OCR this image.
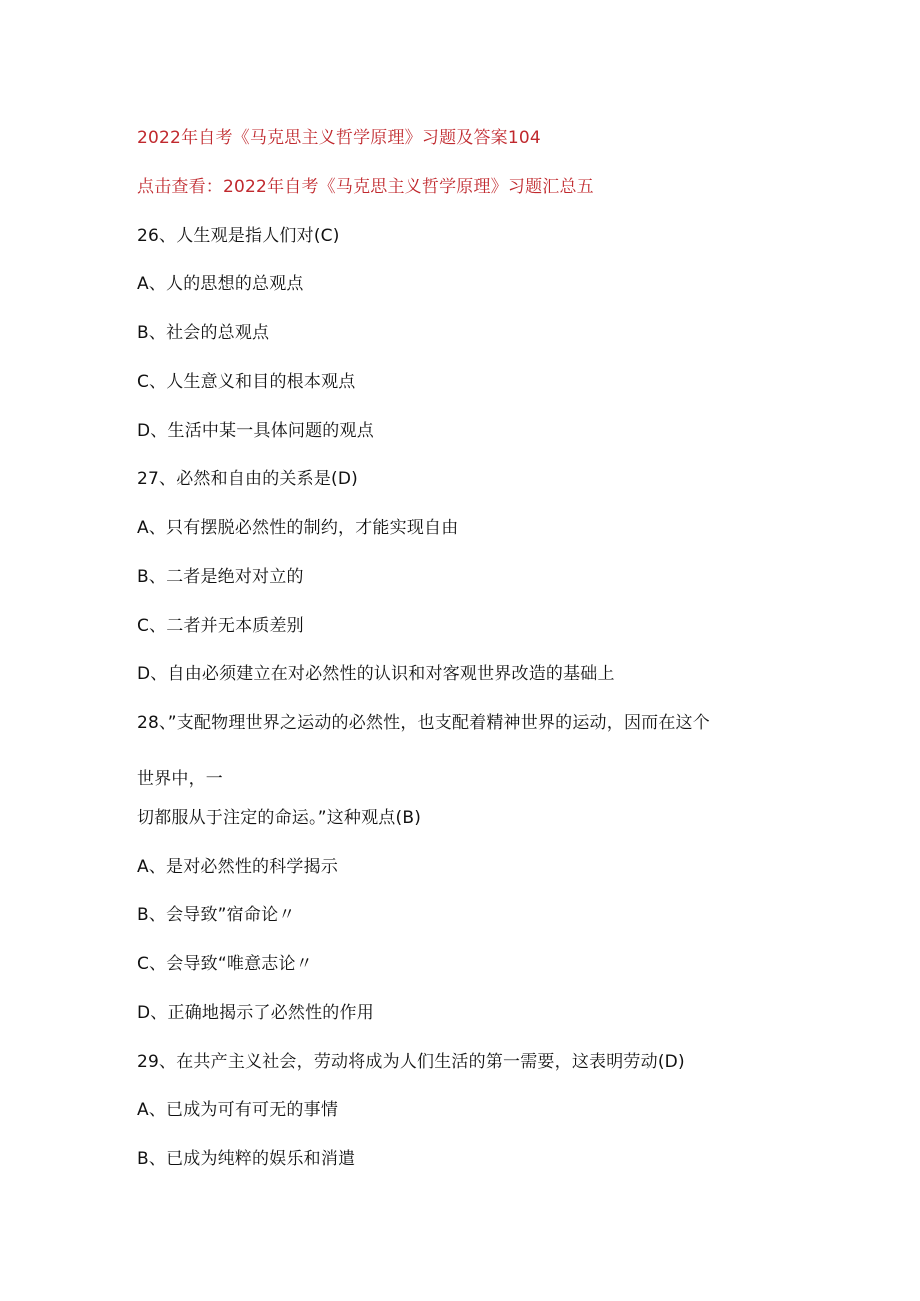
2022年自考《马克思主义哲学原理》习题及答案104
点击查看：2022年自考《马克思主义哲学原理》习题汇总五
26、人生观是指人们对(C)
A、人的思想的总观点
B、社会的总观点
C、人生意义和目的根本观点
D、生活中某一具体问题的观点
27、必然和自由的关系是(D)
A、只有摆脱必然性的制约，才能实现自由
B、二者是绝对对立的
C、二者并无本质差别
D、自由必须建立在对必然性的认识和对客观世界改造的基础上
28、”支配物理世界之运动的必然性，也支配着精神世界的运动，因而在这个
世界中，一
切都服从于注定的命运。”这种观点(B)
A、是对必然性的科学揭示
B、会导致”宿命论〃
C、会导致“唯意志论〃
D、正确地揭示了必然性的作用
29、在共产主义社会，劳动将成为人们生活的第一需要，这表明劳动(D)
A、已成为可有可无的事情
B、已成为纯粹的娱乐和消遣
